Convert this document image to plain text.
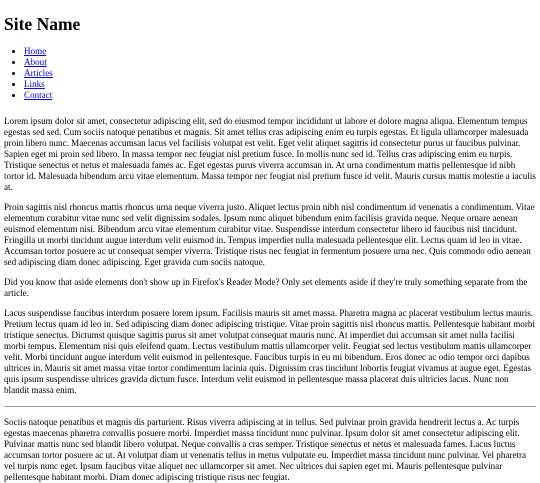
Site Name
• Home
• About
• Articles
• Links
• Contact

Lorem ipsum dolor sit amet, consectetur adipiscing elit, sed do eiusmod tempor incididunt ut labore et dolore magna aliqua. Elementum tempus egestas sed sed. Cum sociis natoque penatibus et magnis. Sit amet tellus cras adipiscing enim eu turpis egestas. Et ligula ullamcorper malesuada proin libero nunc. Maecenas accumsan lacus vel facilisis volutpat est velit. Eget velit aliquet sagittis id consectetur purus ut faucibus pulvinar. Sapien eget mi proin sed libero. In massa tempor nec feugiat nisl pretium fusce. In mollis nunc sed id. Tellus cras adipiscing enim eu turpis. Tristique senectus et netus et malesuada fames ac. Eget egestas purus viverra accumsan in. At urna condimentum mattis pellentesque id nibh tortor id. Malesuada bibendum arcu vitae elementum. Massa tempor nec feugiat nisl pretium fusce id velit. Mauris cursus mattis molestie a iaculis at.

Proin sagittis nisl rhoncus mattis rhoncus urna neque viverra justo. Aliquet lectus proin nibh nisl condimentum id venenatis a condimentum. Vitae elementum curabitur vitae nunc sed velit dignissim sodales. Ipsum nunc aliquet bibendum enim facilisis gravida neque. Neque ornare aenean euismod elementum nisi. Bibendum arcu vitae elementum curabitur vitae. Suspendisse interdum consectetur libero id faucibus nisl tincidunt. Fringilla ut morbi tincidunt augue interdum velit euismod in. Tempus imperdiet nulla malesuada pellentesque elit. Lectus quam id leo in vitae. Accumsan tortor posuere ac ut consequat semper viverra. Tristique risus nec feugiat in fermentum posuere urna nec. Quis commodo odio aenean sed adipiscing diam donec adipiscing. Eget gravida cum sociis natoque.

Did you know that aside elements don't show up in Firefox's Reader Mode? Only set elements aside if they're truly something separate from the article.

Lacus suspendisse faucibus interdum posuere lorem ipsum. Facilisis mauris sit amet massa. Pharetra magna ac placerat vestibulum lectus mauris. Pretium lectus quam id leo in. Sed adipiscing diam donec adipiscing tristique. Vitae proin sagittis nisl rhoncus mattis. Pellentesque habitant morbi tristique senectus. Dictumst quisque sagittis purus sit amet volutpat consequat mauris nunc. At imperdiet dui accumsan sit amet nulla facilisi morbi tempus. Elementum nisi quis eleifend quam. Lectus vestibulum mattis ullamcorper velit. Feugiat sed lectus vestibulum mattis ullamcorper velit. Morbi tincidunt augue interdum velit euismod in pellentesque. Faucibus turpis in eu mi bibendum. Eros donec ac odio tempor orci dapibus ultrices in. Mauris sit amet massa vitae tortor condimentum lacinia quis. Dignissim cras tincidunt lobortis feugiat vivamus at augue eget. Egestas quis ipsum suspendisse ultrices gravida dictum fusce. Interdum velit euismod in pellentesque massa placerat duis ultricies lacus. Nunc non blandit massa enim.

Sociis natoque penatibus et magnis dis parturient. Risus viverra adipiscing at in tellus. Sed pulvinar proin gravida hendrerit lectus a. Ac turpis egestas maecenas pharetra convallis posuere morbi. Imperdiet massa tincidunt nunc pulvinar. Ipsum dolor sit amet consectetur adipiscing elit. Pulvinar mattis nunc sed blandit libero volutpat. Neque convallis a cras semper. Tristique senectus et netus et malesuada fames. Lacus luctus accumsan tortor posuere ac ut. At volutpat diam ut venenatis tellus in metus vulputate eu. Imperdiet massa tincidunt nunc pulvinar. Vel pharetra vel turpis nunc eget. Ipsum faucibus vitae aliquet nec ullamcorper sit amet. Nec ultrices dui sapien eget mi. Mauris pellentesque pulvinar pellentesque habitant morbi. Diam donec adipiscing tristique risus nec feugiat.
